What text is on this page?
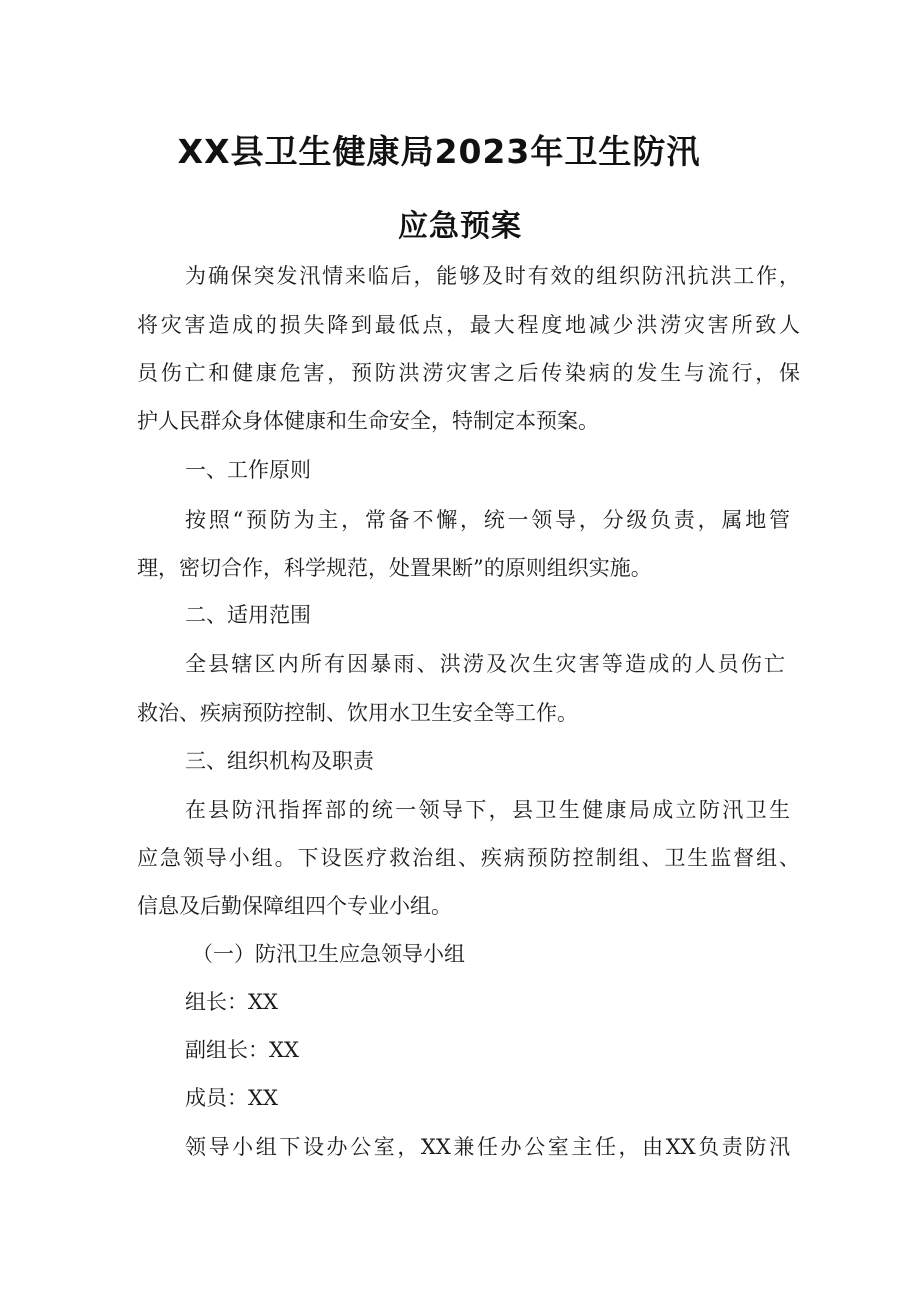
XX县卫生健康局2023年卫生防汛
应急预案
为确保突发汛情来临后，能够及时有效的组织防汛抗洪工作，
将灾害造成的损失降到最低点，最大程度地减少洪涝灾害所致人
员伤亡和健康危害，预防洪涝灾害之后传染病的发生与流行，保
护人民群众身体健康和生命安全，特制定本预案。
一、工作原则
按照“预防为主，常备不懈，统一领导，分级负责，属地管
理，密切合作，科学规范，处置果断”的原则组织实施。
二、适用范围
全县辖区内所有因暴雨、洪涝及次生灾害等造成的人员伤亡
救治、疾病预防控制、饮用水卫生安全等工作。
三、组织机构及职责
在县防汛指挥部的统一领导下，县卫生健康局成立防汛卫生
应急领导小组。下设医疗救治组、疾病预防控制组、卫生监督组、
信息及后勤保障组四个专业小组。
（一）防汛卫生应急领导小组
组长：XX
副组长：XX
成员：XX
领导小组下设办公室，XX兼任办公室主任，由XX负责防汛
